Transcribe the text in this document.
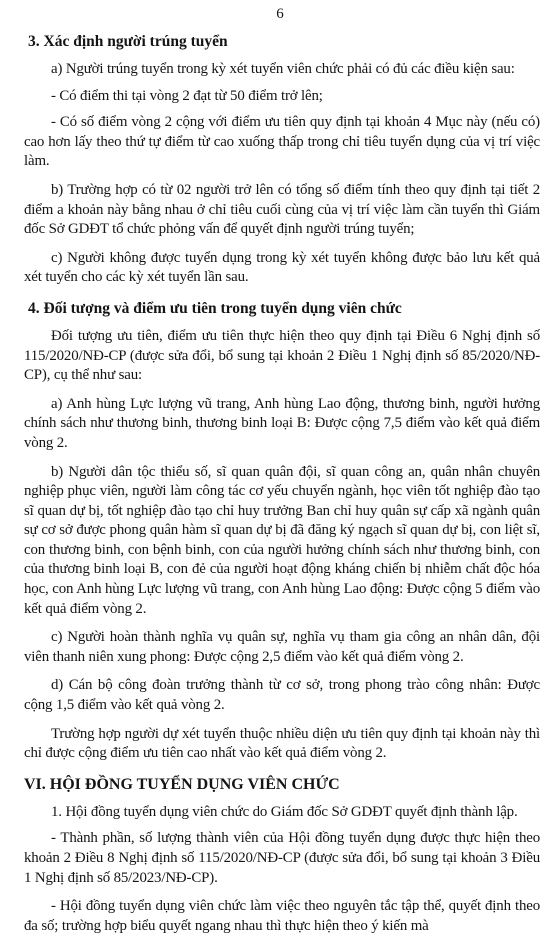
6
3. Xác định người trúng tuyển

a) Người trúng tuyển trong kỳ xét tuyển viên chức phải có đủ các điều kiện sau:

- Có điểm thi tại vòng 2 đạt từ 50 điểm trở lên;

- Có số điểm vòng 2 cộng với điểm ưu tiên quy định tại khoản 4 Mục này (nếu có) cao hơn lấy theo thứ tự điểm từ cao xuống thấp trong chỉ tiêu tuyển dụng của vị trí việc làm.

b) Trường hợp có từ 02 người trở lên có tổng số điểm tính theo quy định tại tiết 2 điểm a khoản này bằng nhau ở chỉ tiêu cuối cùng của vị trí việc làm cần tuyển thì Giám đốc Sở GDĐT tổ chức phỏng vấn để quyết định người trúng tuyển;

c) Người không được tuyển dụng trong kỳ xét tuyển không được bảo lưu kết quả xét tuyển cho các kỳ xét tuyển lần sau.

4. Đối tượng và điểm ưu tiên trong tuyển dụng viên chức

Đối tượng ưu tiên, điểm ưu tiên thực hiện theo quy định tại Điều 6 Nghị định số 115/2020/NĐ-CP (được sửa đổi, bổ sung tại khoản 2 Điều 1 Nghị định số 85/2020/NĐ-CP), cụ thể như sau:

a) Anh hùng Lực lượng vũ trang, Anh hùng Lao động, thương binh, người hưởng chính sách như thương binh, thương binh loại B: Được cộng 7,5 điểm vào kết quả điểm vòng 2.

b) Người dân tộc thiểu số, sĩ quan quân đội, sĩ quan công an, quân nhân chuyên nghiệp phục viên, người làm công tác cơ yếu chuyển ngành, học viên tốt nghiệp đào tạo sĩ quan dự bị, tốt nghiệp đào tạo chỉ huy trưởng Ban chỉ huy quân sự cấp xã ngành quân sự cơ sở được phong quân hàm sĩ quan dự bị đã đăng ký ngạch sĩ quan dự bị, con liệt sĩ, con thương binh, con bệnh binh, con của người hưởng chính sách như thương binh, con của thương binh loại B, con đẻ của người hoạt động kháng chiến bị nhiễm chất độc hóa học, con Anh hùng Lực lượng vũ trang, con Anh hùng Lao động: Được cộng 5 điểm vào kết quả điểm vòng 2.

c) Người hoàn thành nghĩa vụ quân sự, nghĩa vụ tham gia công an nhân dân, đội viên thanh niên xung phong: Được cộng 2,5 điểm vào kết quả điểm vòng 2.

d) Cán bộ công đoàn trưởng thành từ cơ sở, trong phong trào công nhân: Được cộng 1,5 điểm vào kết quả vòng 2.

Trường hợp người dự xét tuyển thuộc nhiều diện ưu tiên quy định tại khoản này thì chỉ được cộng điểm ưu tiên cao nhất vào kết quả điểm vòng 2.

VI. HỘI ĐỒNG TUYỂN DỤNG VIÊN CHỨC

1. Hội đồng tuyển dụng viên chức do Giám đốc Sở GDĐT quyết định thành lập.

- Thành phần, số lượng thành viên của Hội đồng tuyển dụng được thực hiện theo khoản 2 Điều 8 Nghị định số 115/2020/NĐ-CP (được sửa đổi, bổ sung tại khoản 3 Điều 1 Nghị định số 85/2023/NĐ-CP).

- Hội đồng tuyển dụng viên chức làm việc theo nguyên tắc tập thể, quyết định theo đa số; trường hợp biểu quyết ngang nhau thì thực hiện theo ý kiến mà
